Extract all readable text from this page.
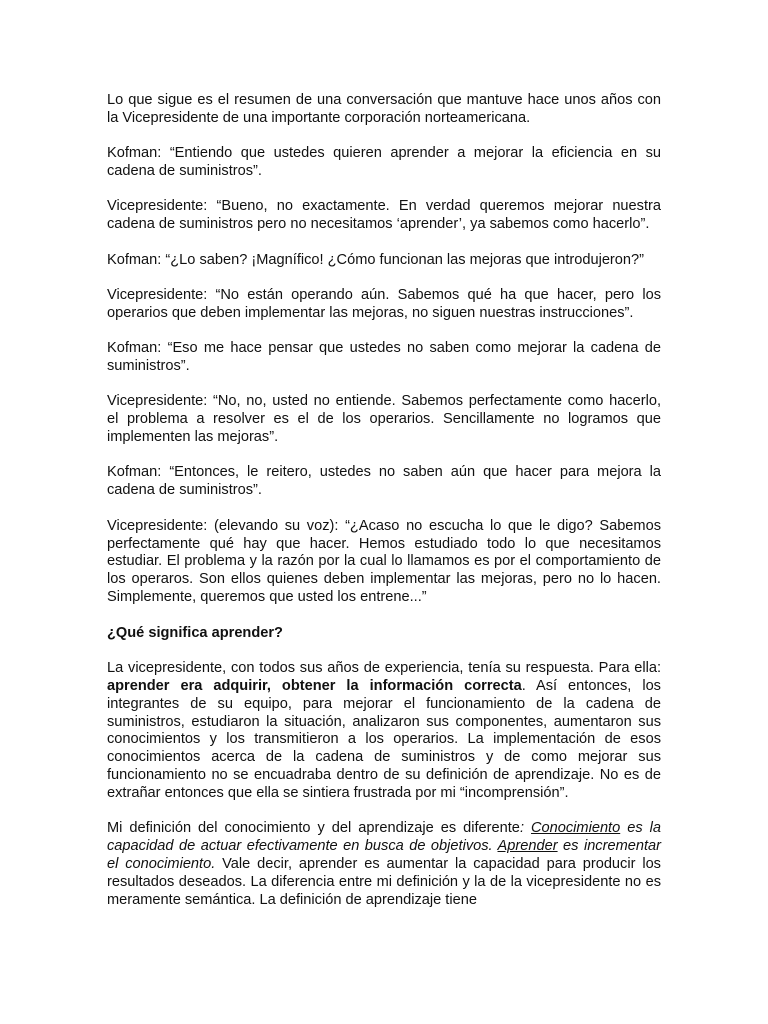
Lo que sigue es el resumen de una conversación que mantuve hace unos años con la Vicepresidente de una importante corporación norteamericana.

Kofman: “Entiendo que ustedes quieren aprender a mejorar la eficiencia en su cadena de suministros”.

Vicepresidente: “Bueno, no exactamente. En verdad queremos mejorar nuestra cadena de suministros pero no necesitamos ‘aprender’, ya sabemos como hacerlo”.

Kofman: “¿Lo saben? ¡Magnífico! ¿Cómo funcionan las mejoras que introdujeron?”

Vicepresidente: “No están operando aún. Sabemos qué ha que hacer, pero los operarios que deben implementar las mejoras, no siguen nuestras instrucciones”.

Kofman: “Eso me hace pensar que ustedes no saben como mejorar la cadena de suministros”.

Vicepresidente: “No, no, usted no entiende. Sabemos perfectamente como hacerlo, el problema a resolver es el de los operarios. Sencillamente no logramos que implementen las mejoras”.

Kofman: “Entonces, le reitero, ustedes no saben aún que hacer para mejora la cadena de suministros”.

Vicepresidente: (elevando su voz): “¿Acaso no escucha lo que le digo? Sabemos perfectamente qué hay que hacer. Hemos estudiado todo lo que necesitamos estudiar. El problema y la razón por la cual lo llamamos es por el comportamiento de los operaros. Son ellos quienes deben implementar las mejoras, pero no lo hacen. Simplemente, queremos que usted los entrene...”

¿Qué significa aprender?

La vicepresidente, con todos sus años de experiencia, tenía su respuesta. Para ella: aprender era adquirir, obtener la información correcta. Así entonces, los integrantes de su equipo, para mejorar el funcionamiento de la cadena de suministros, estudiaron la situación, analizaron sus componentes, aumentaron sus conocimientos y los transmitieron a los operarios. La implementación de esos conocimientos acerca de la cadena de suministros y de como mejorar sus funcionamiento no se encuadraba dentro de su definición de aprendizaje. No es de extrañar entonces que ella se sintiera frustrada por mi “incomprensión”.

Mi definición del conocimiento y del aprendizaje es diferente: Conocimiento es la capacidad de actuar efectivamente en busca de objetivos. Aprender es incrementar el conocimiento. Vale decir, aprender es aumentar la capacidad para producir los resultados deseados. La diferencia entre mi definición y la de la vicepresidente no es meramente semántica. La definición de aprendizaje tiene
